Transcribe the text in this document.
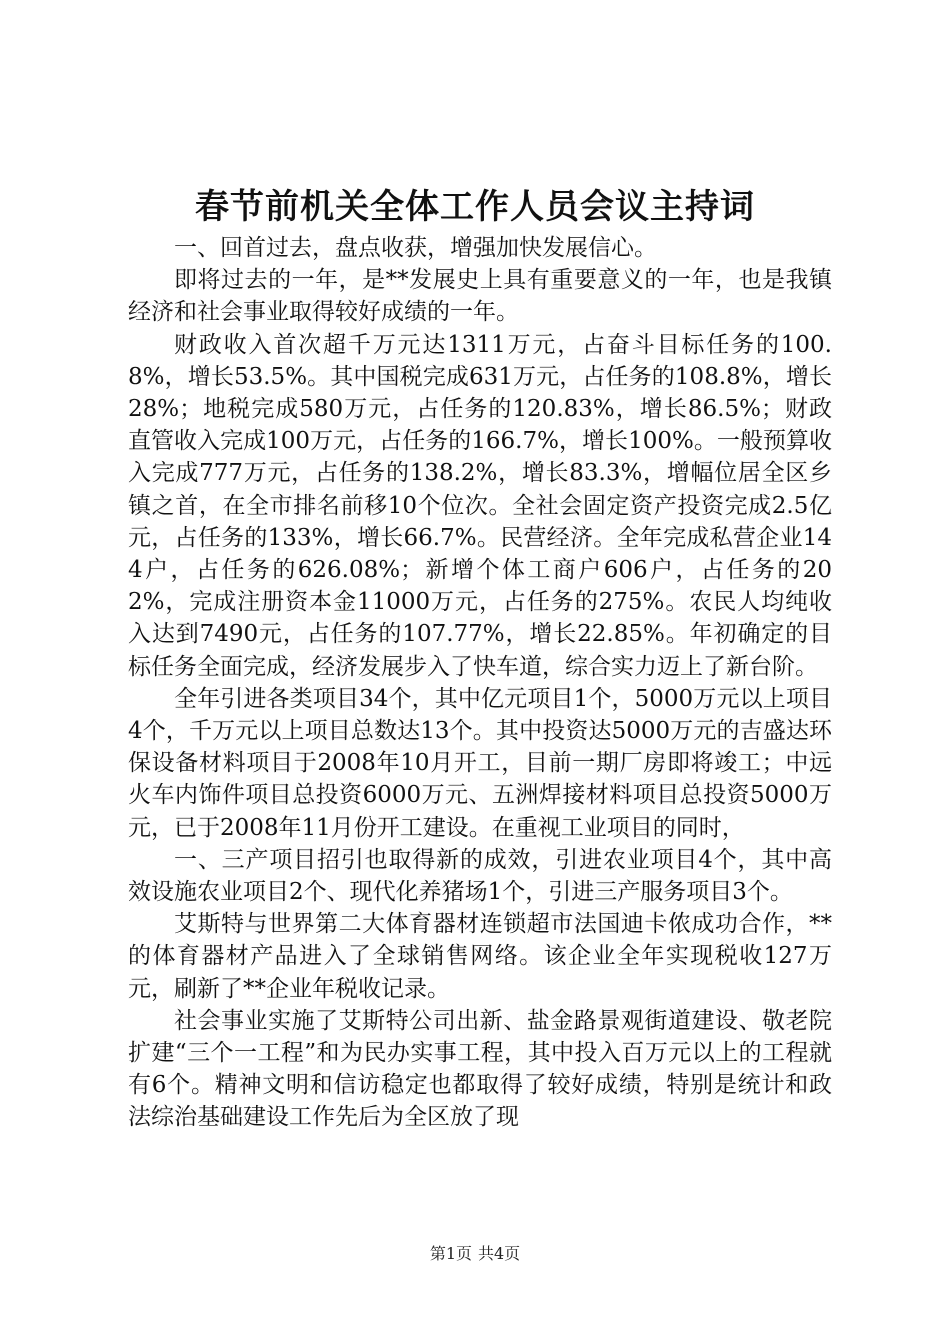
春节前机关全体工作人员会议主持词

一、回首过去，盘点收获，增强加快发展信心。

即将过去的一年，是**发展史上具有重要意义的一年，也是我镇经济和社会事业取得较好成绩的一年。

财政收入首次超千万元达1311万元，占奋斗目标任务的100.8%，增长53.5%。其中国税完成631万元，占任务的108.8%，增长28%；地税完成580万元，占任务的120.83%，增长86.5%；财政直管收入完成100万元，占任务的166.7%，增长100%。一般预算收入完成777万元，占任务的138.2%，增长83.3%，增幅位居全区乡镇之首，在全市排名前移10个位次。全社会固定资产投资完成2.5亿元，占任务的133%，增长66.7%。民营经济。全年完成私营企业144户，占任务的626.08%；新增个体工商户606户，占任务的202%，完成注册资本金11000万元，占任务的275%。农民人均纯收入达到7490元，占任务的107.77%，增长22.85%。年初确定的目标任务全面完成，经济发展步入了快车道，综合实力迈上了新台阶。

全年引进各类项目34个，其中亿元项目1个，5000万元以上项目4个，千万元以上项目总数达13个。其中投资达5000万元的吉盛达环保设备材料项目于2008年10月开工，目前一期厂房即将竣工；中远火车内饰件项目总投资6000万元、五洲焊接材料项目总投资5000万元，已于2008年11月份开工建设。在重视工业项目的同时，

一、三产项目招引也取得新的成效，引进农业项目4个，其中高效设施农业项目2个、现代化养猪场1个，引进三产服务项目3个。

艾斯特与世界第二大体育器材连锁超市法国迪卡侬成功合作，**的体育器材产品进入了全球销售网络。该企业全年实现税收127万元，刷新了**企业年税收记录。

社会事业实施了艾斯特公司出新、盐金路景观街道建设、敬老院扩建“三个一工程”和为民办实事工程，其中投入百万元以上的工程就有6个。精神文明和信访稳定也都取得了较好成绩，特别是统计和政法综治基础建设工作先后为全区放了现

第1页 共4页
